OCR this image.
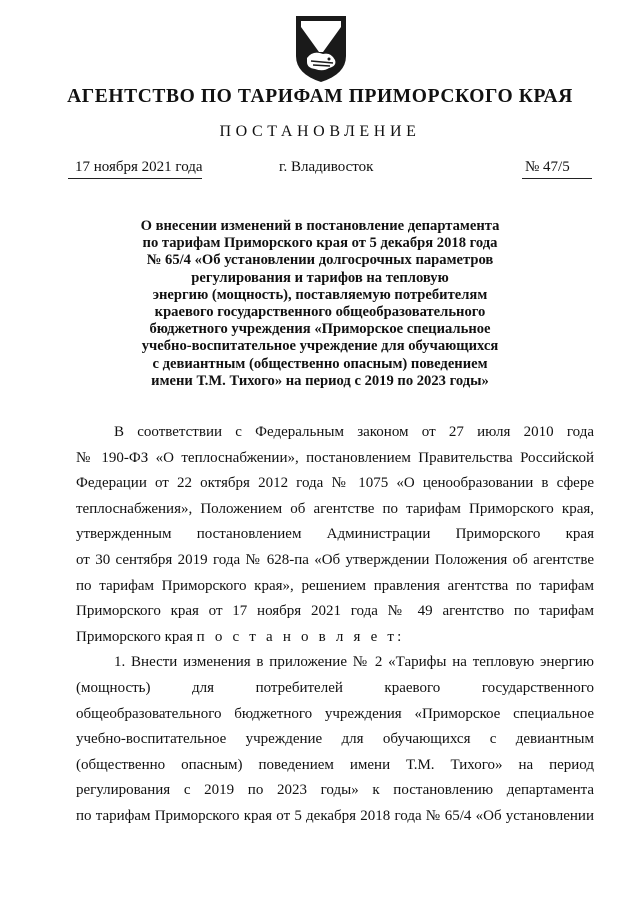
АГЕНТСТВО ПО ТАРИФАМ ПРИМОРСКОГО КРАЯ
ПОСТАНОВЛЕНИЕ
17 ноября 2021 года	г. Владивосток	№ 47/5
О внесении изменений в постановление департамента
по тарифам Приморского края от 5 декабря 2018 года
№ 65/4 «Об установлении долгосрочных параметров
регулирования и тарифов на тепловую
энергию (мощность), поставляемую потребителям
краевого государственного общеобразовательного
бюджетного учреждения «Приморское специальное
учебно-воспитательное учреждение для обучающихся
с девиантным (общественно опасным) поведением
имени Т.М. Тихого» на период с 2019 по 2023 годы»
В соответствии с Федеральным законом от 27 июля 2010 года
№ 190-ФЗ «О теплоснабжении», постановлением Правительства Российской
Федерации от 22 октября 2012 года № 1075 «О ценообразовании в сфере
теплоснабжения», Положением об агентстве по тарифам Приморского края,
утвержденным постановлением Администрации Приморского края
от 30 сентября 2019 года № 628-па «Об утверждении Положения об агентстве
по тарифам Приморского края», решением правления агентства по тарифам
Приморского края от 17 ноября 2021 года № 49 агентство по тарифам
Приморского края п о с т а н о в л я е т:
1. Внести изменения в приложение № 2 «Тарифы на тепловую энергию
(мощность) для потребителей краевого государственного
общеобразовательного бюджетного учреждения «Приморское специальное
учебно-воспитательное учреждение для обучающихся с девиантным
(общественно опасным) поведением имени Т.М. Тихого» на период
регулирования с 2019 по 2023 годы» к постановлению департамента
по тарифам Приморского края от 5 декабря 2018 года № 65/4 «Об установлении
